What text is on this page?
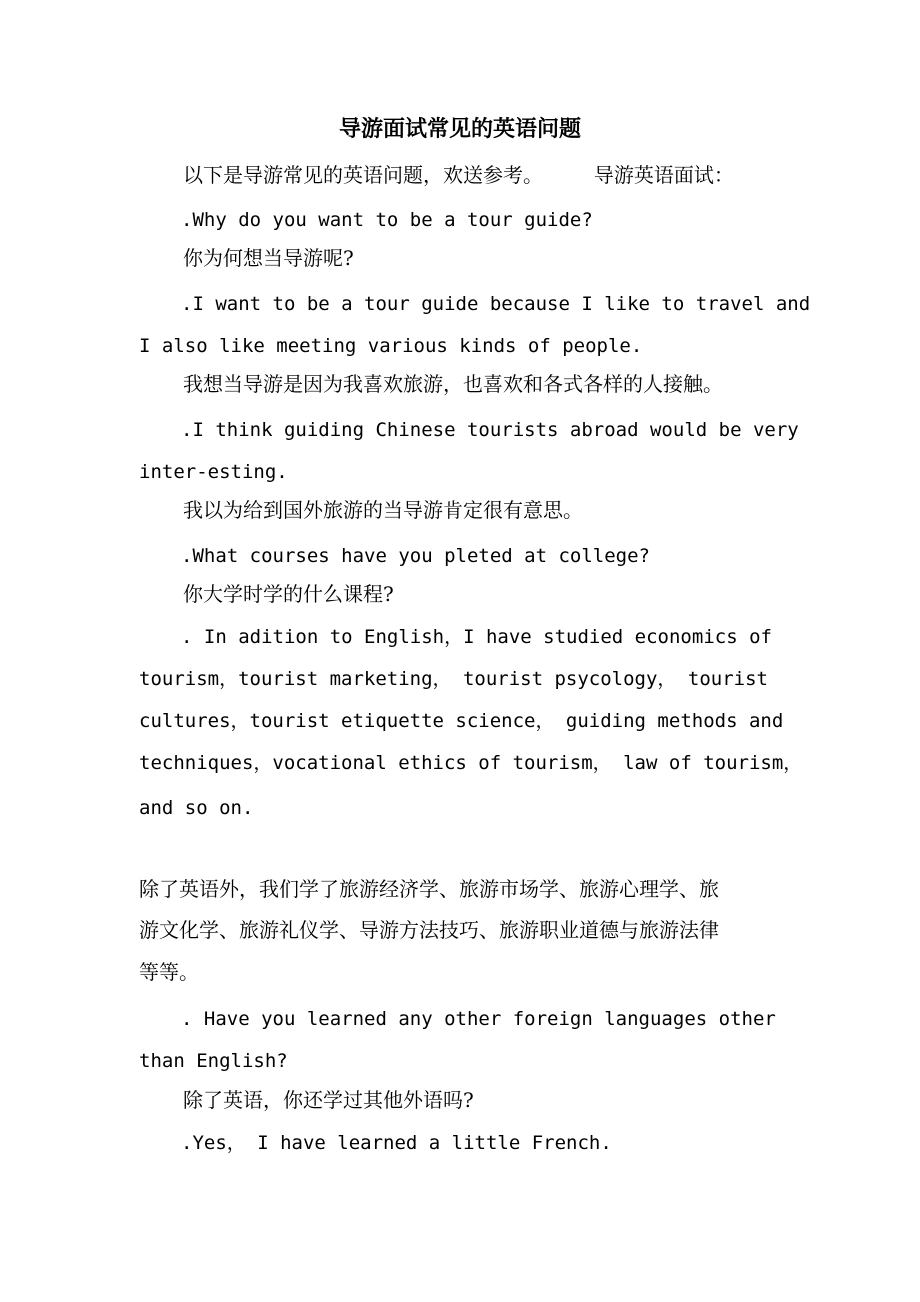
导游面试常见的英语问题
以下是导游常见的英语问题，欢送参考。        导游英语面试：
.Why do you want to be a tour guide?
你为何想当导游呢?
.I want to be a tour guide because I like to travel and
I also like meeting various kinds of people.
我想当导游是因为我喜欢旅游，也喜欢和各式各样的人接触。
.I think guiding Chinese tourists abroad would be very
inter-esting.
我以为给到国外旅游的当导游肯定很有意思。
.What courses have you pleted at college?
你大学时学的什么课程?
. In adition to English，I have studied economics of
tourism，tourist marketing， tourist psycology， tourist
cultures，tourist etiquette science， guiding methods and
techniques，vocational ethics of tourism， law of tourism，
and so on.
除了英语外，我们学了旅游经济学、旅游市场学、旅游心理学、旅
游文化学、旅游礼仪学、导游方法技巧、旅游职业道德与旅游法律
等等。
. Have you learned any other foreign languages other
than English?
除了英语，你还学过其他外语吗?
.Yes， I have learned a little French.
